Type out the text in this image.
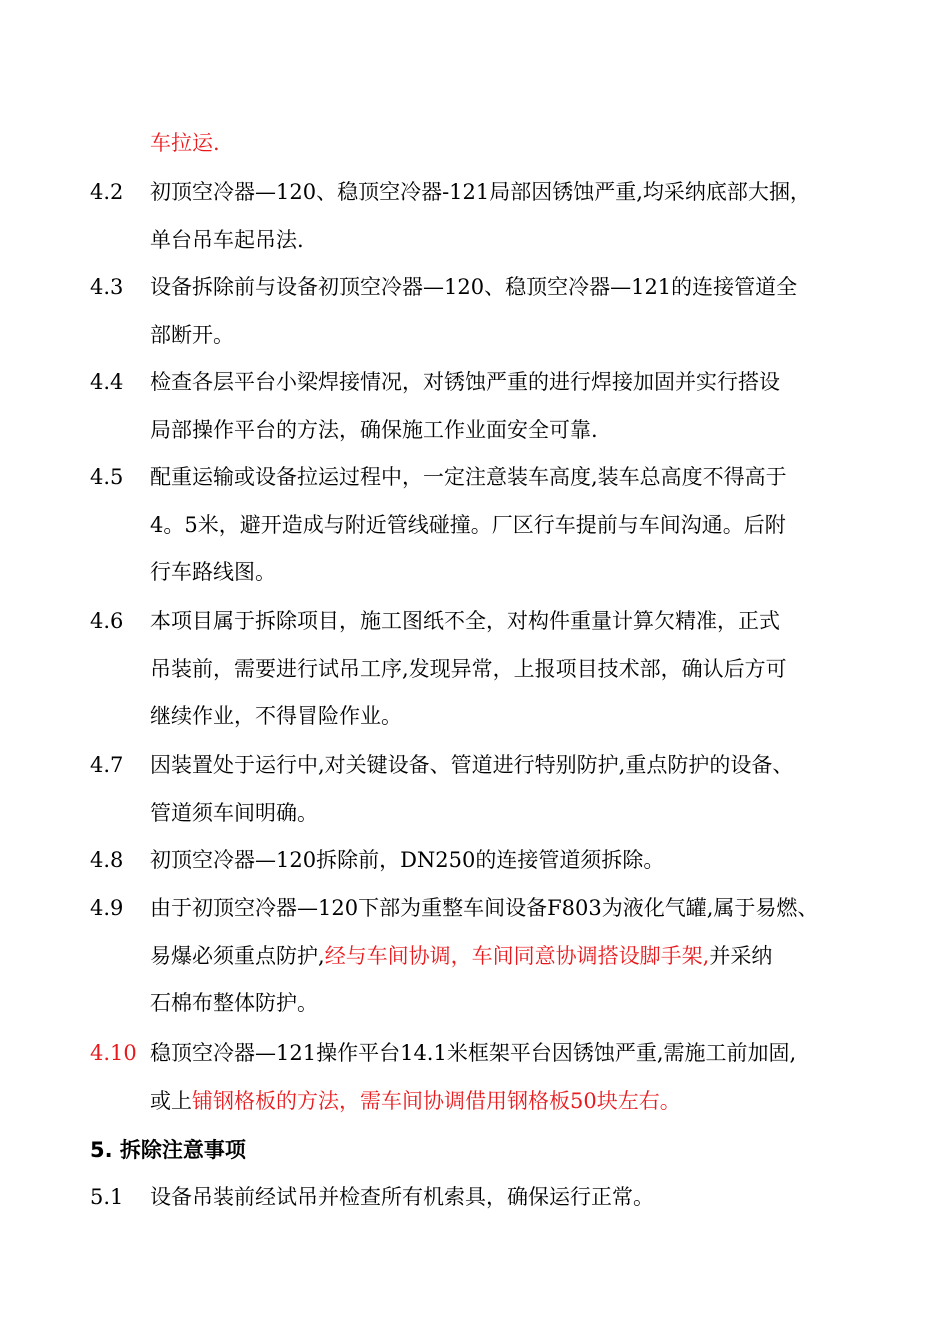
车拉运.
4.2	初顶空冷器—120、稳顶空冷器-121局部因锈蚀严重,均采纳底部大捆，
单台吊车起吊法.
4.3	设备拆除前与设备初顶空冷器—120、稳顶空冷器—121的连接管道全
部断开。
4.4	检查各层平台小梁焊接情况，对锈蚀严重的进行焊接加固并实行搭设
局部操作平台的方法，确保施工作业面安全可靠.
4.5	配重运输或设备拉运过程中，一定注意装车高度,装车总高度不得高于
4。5米，避开造成与附近管线碰撞。厂区行车提前与车间沟通。后附
行车路线图。
4.6	本项目属于拆除项目，施工图纸不全，对构件重量计算欠精准，正式
吊装前，需要进行试吊工序,发现异常，上报项目技术部，确认后方可
继续作业，不得冒险作业。
4.7	因装置处于运行中,对关键设备、管道进行特别防护,重点防护的设备、
管道须车间明确。
4.8	初顶空冷器—120拆除前，DN250的连接管道须拆除。
4.9	由于初顶空冷器—120下部为重整车间设备F803为液化气罐,属于易燃、
易爆必须重点防护,经与车间协调，车间同意协调搭设脚手架,并采纳
石棉布整体防护。
4.10 稳顶空冷器—121操作平台14.1米框架平台因锈蚀严重,需施工前加固,
或上铺钢格板的方法，需车间协调借用钢格板50块左右。
5. 拆除注意事项
5.1	设备吊装前经试吊并检查所有机索具，确保运行正常。
